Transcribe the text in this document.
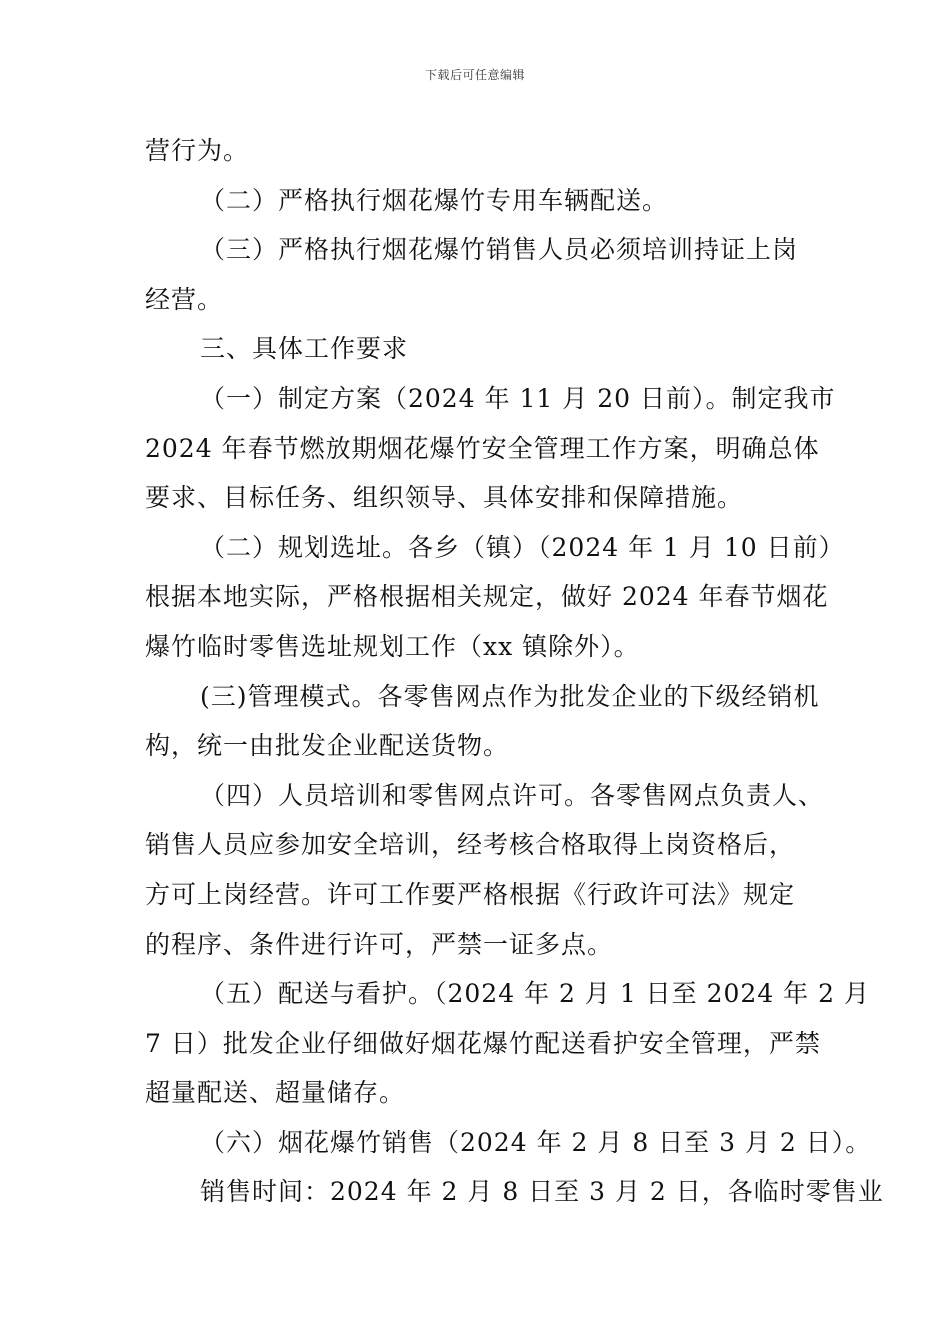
下载后可任意编辑
营行为。
（二）严格执行烟花爆竹专用车辆配送。
（三）严格执行烟花爆竹销售人员必须培训持证上岗
经营。
三、具体工作要求
（一）制定方案（2024 年 11 月 20 日前）。制定我市
2024 年春节燃放期烟花爆竹安全管理工作方案，明确总体
要求、目标任务、组织领导、具体安排和保障措施。
（二）规划选址。各乡（镇）（2024 年 1 月 10 日前）
根据本地实际，严格根据相关规定，做好 2024 年春节烟花
爆竹临时零售选址规划工作（xx 镇除外）。
(三)管理模式。各零售网点作为批发企业的下级经销机
构，统一由批发企业配送货物。
（四）人员培训和零售网点许可。各零售网点负责人、
销售人员应参加安全培训，经考核合格取得上岗资格后，
方可上岗经营。许可工作要严格根据《行政许可法》规定
的程序、条件进行许可，严禁一证多点。
（五）配送与看护。（2024 年 2 月 1 日至 2024 年 2 月
7 日）批发企业仔细做好烟花爆竹配送看护安全管理，严禁
超量配送、超量储存。
（六）烟花爆竹销售（2024 年 2 月 8 日至 3 月 2 日）。
销售时间：2024 年 2 月 8 日至 3 月 2 日，各临时零售业
